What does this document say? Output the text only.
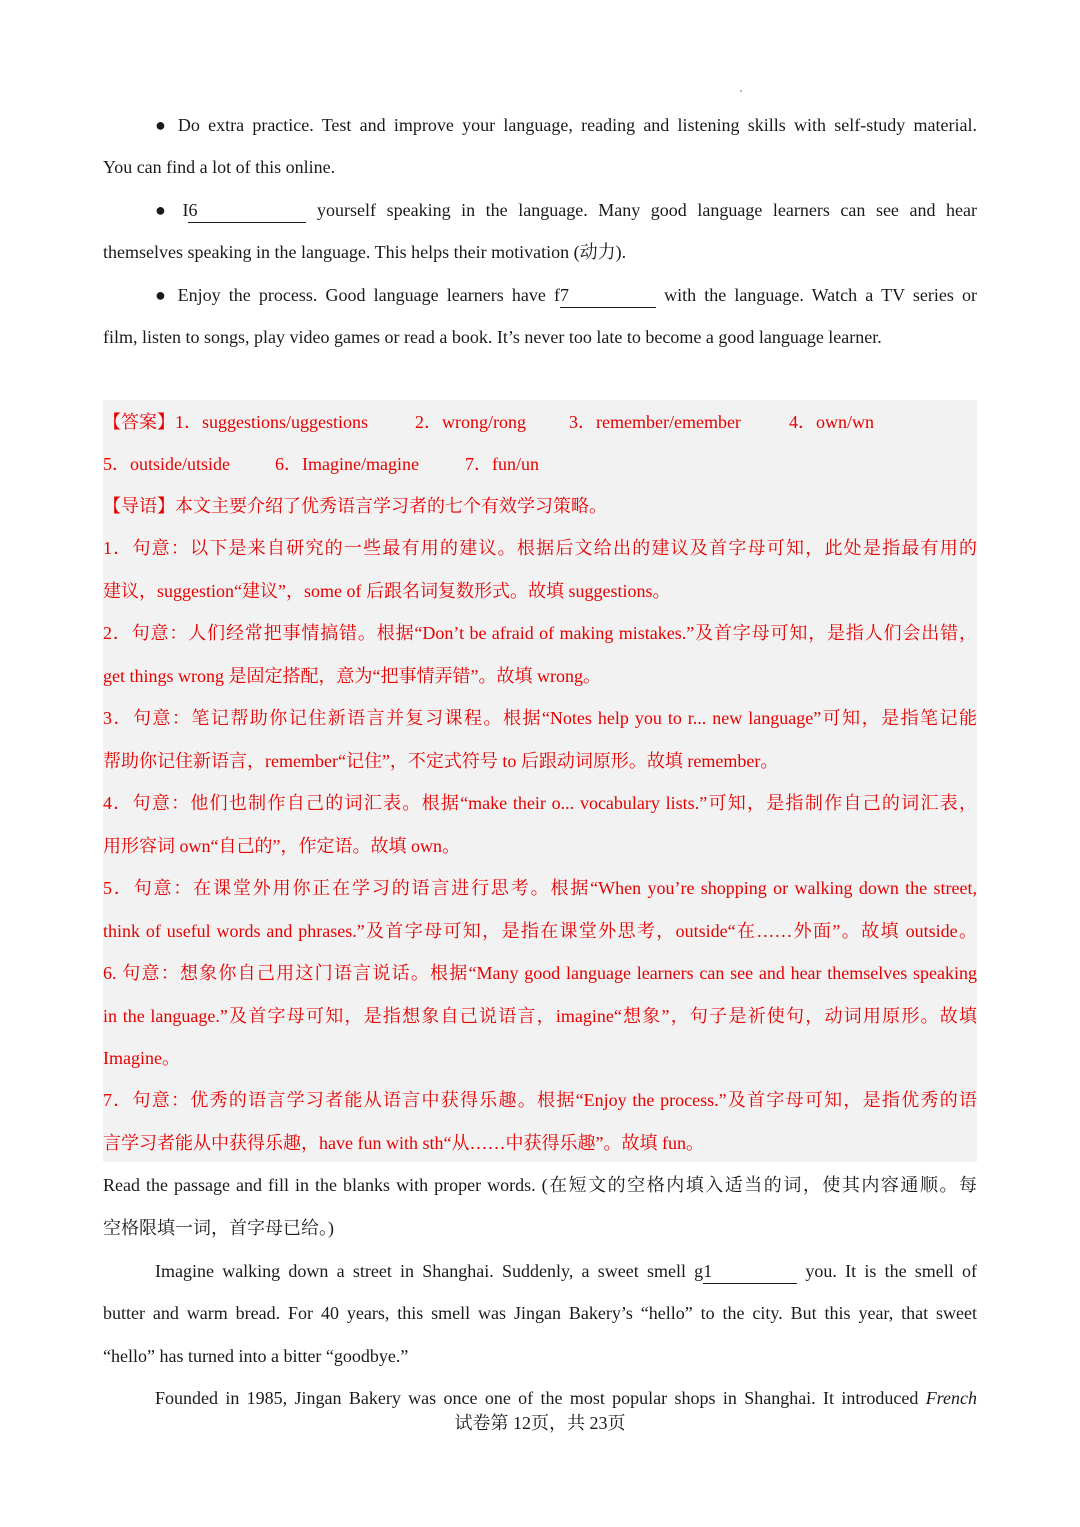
● Do extra practice. Test and improve your language, reading and listening skills with self-study material.
You can find a lot of this online.
● I6	yourself speaking in the language. Many good language learners can see and hear
themselves speaking in the language. This helps their motivation (动力).
● Enjoy the process. Good language learners have f7	with the language. Watch a TV series or
film, listen to songs, play video games or read a book. It’s never too late to become a good language learner.
【答案】1．suggestions/uggestions	2．wrong/rong 3．remember/emember	4．own/wn
5．outside/utside	6．Imagine/magine	7．fun/un
【导语】本文主要介绍了优秀语言学习者的七个有效学习策略。
1．句意：以下是来自研究的一些最有用的建议。根据后文给出的建议及首字母可知，此处是指最有用的
建议，suggestion“建议”，some of 后跟名词复数形式。故填 suggestions。
2．句意：人们经常把事情搞错。根据“Don’t be afraid of making mistakes.”及首字母可知，是指人们会出错，
get things wrong 是固定搭配，意为“把事情弄错”。故填 wrong。
3．句意：笔记帮助你记住新语言并复习课程。根据“Notes help you to r... new language”可知，是指笔记能
帮助你记住新语言，remember“记住”，不定式符号 to 后跟动词原形。故填 remember。
4．句意：他们也制作自己的词汇表。根据“make their o... vocabulary lists.”可知，是指制作自己的词汇表，
用形容词 own“自己的”，作定语。故填 own。
5．句意：在课堂外用你正在学习的语言进行思考。根据“When you’re shopping or walking down the street,
think of useful words and phrases.”及首字母可知，是指在课堂外思考，outside“在……外面”。故填 outside。
6. 句意：想象你自己用这门语言说话。根据“Many good language learners can see and hear themselves speaking
in the language.”及首字母可知，是指想象自己说语言，imagine“想象”，句子是祈使句，动词用原形。故填
Imagine。
7．句意：优秀的语言学习者能从语言中获得乐趣。根据“Enjoy the process.”及首字母可知，是指优秀的语
言学习者能从中获得乐趣，have fun with sth“从……中获得乐趣”。故填 fun。
Read the passage and fill in the blanks with proper words. (在短文的空格内填入适当的词，使其内容通顺。每
空格限填一词，首字母已给。)
Imagine walking down a street in Shanghai. Suddenly, a sweet smell g1	you. It is the smell of
butter and warm bread. For 40 years, this smell was Jingan Bakery’s “hello” to the city. But this year, that sweet
“hello” has turned into a bitter “goodbye.”
Founded in 1985, Jingan Bakery was once one of the most popular shops in Shanghai. It introduced French
试卷第 12页，共 23页
